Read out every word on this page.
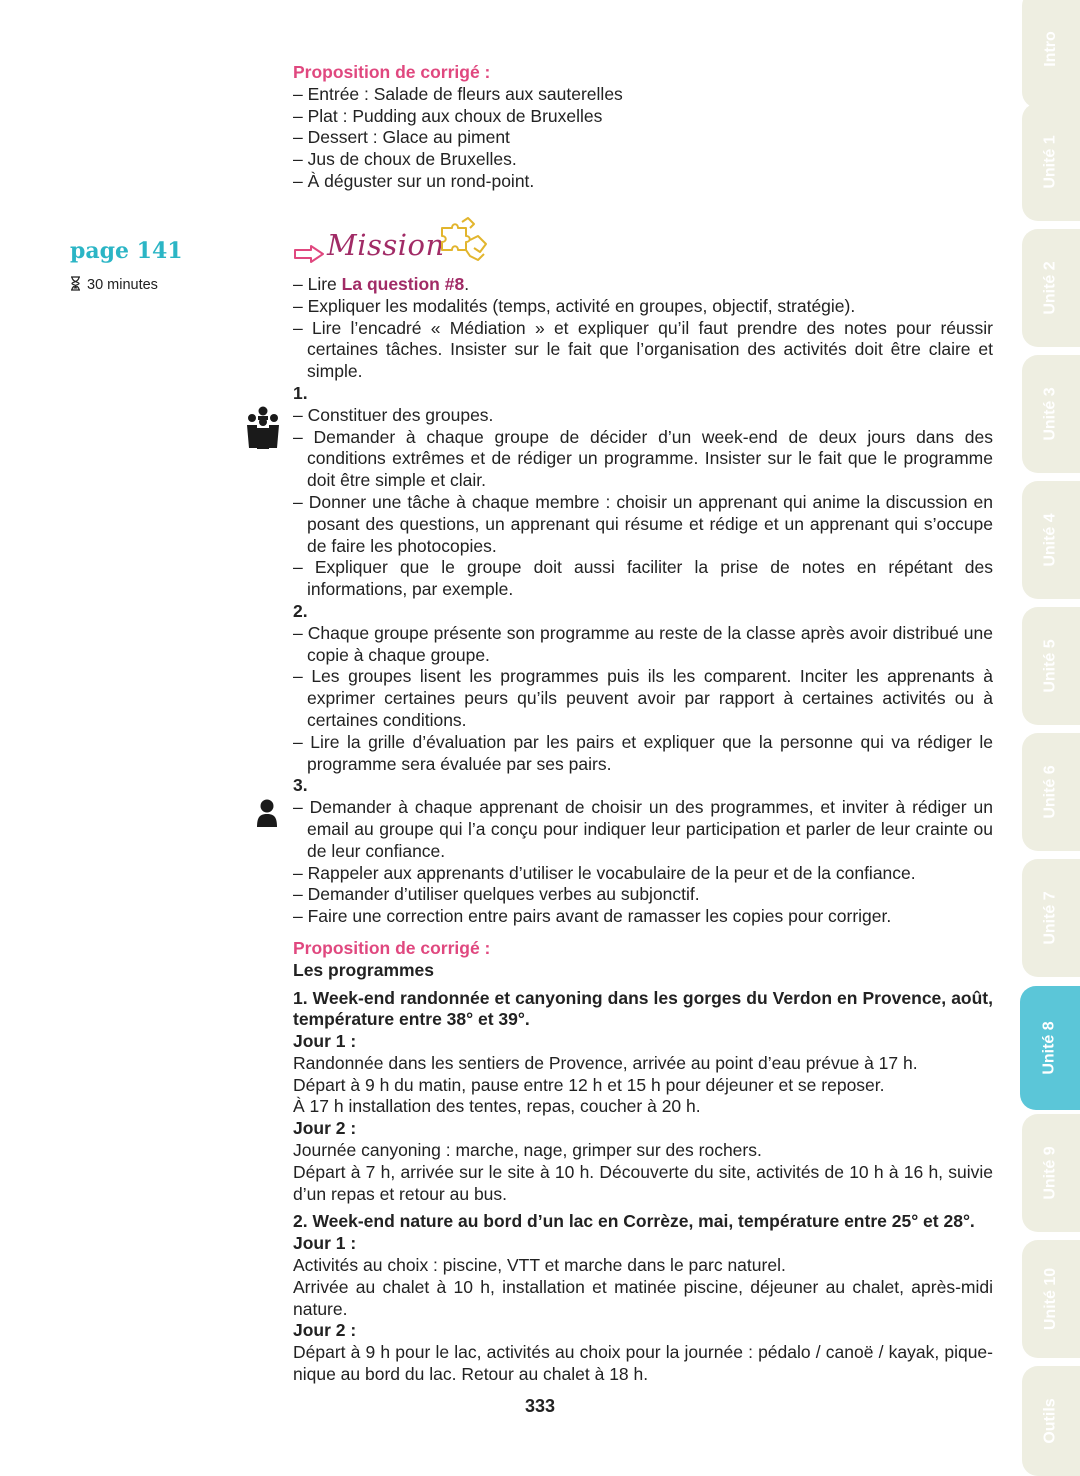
page 141
30 minutes

Proposition de corrigé :

– Entrée : Salade de fleurs aux sauterelles

– Plat : Pudding aux choux de Bruxelles

– Dessert : Glace au piment

– Jus de choux de Bruxelles.

– À déguster sur un rond-point.

Mission

– Lire La question #8.

– Expliquer les modalités (temps, activité en groupes, objectif, stratégie).

– Lire l’encadré « Médiation » et expliquer qu’il faut prendre des notes pour réussir certaines tâches. Insister sur le fait que l’organisation des activités doit être claire et simple.

1.

– Constituer des groupes.

– Demander à chaque groupe de décider d’un week-end de deux jours dans des conditions extrêmes et de rédiger un programme. Insister sur le fait que le programme doit être simple et clair.

– Donner une tâche à chaque membre : choisir un apprenant qui anime la discussion en posant des questions, un apprenant qui résume et rédige et un apprenant qui s’occupe de faire les photocopies.

– Expliquer que le groupe doit aussi faciliter la prise de notes en répétant des informations, par exemple.

2.

– Chaque groupe présente son programme au reste de la classe après avoir distribué une copie à chaque groupe.

– Les groupes lisent les programmes puis ils les comparent. Inciter les apprenants à exprimer certaines peurs qu’ils peuvent avoir par rapport à certaines activités ou à certaines conditions.

– Lire la grille d’évaluation par les pairs et expliquer que la personne qui va rédiger le programme sera évaluée par ses pairs.

3.

– Demander à chaque apprenant de choisir un des programmes, et inviter à rédiger un email au groupe qui l’a conçu pour indiquer leur participation et parler de leur crainte ou de leur confiance.

– Rappeler aux apprenants d’utiliser le vocabulaire de la peur et de la confiance.

– Demander d’utiliser quelques verbes au subjonctif.

– Faire une correction entre pairs avant de ramasser les copies pour corriger.

Proposition de corrigé :

Les programmes

1. Week-end randonnée et canyoning dans les gorges du Verdon en Provence, août, température entre 38° et 39°.

Jour 1 :

Randonnée dans les sentiers de Provence, arrivée au point d’eau prévue à 17 h.

Départ à 9 h du matin, pause entre 12 h et 15 h pour déjeuner et se reposer.

À 17 h installation des tentes, repas, coucher à 20 h.

Jour 2 :

Journée canyoning : marche, nage, grimper sur des rochers.

Départ à 7 h, arrivée sur le site à 10 h. Découverte du site, activités de 10 h à 16 h, suivie d’un repas et retour au bus.

2. Week-end nature au bord d’un lac en Corrèze, mai, température entre 25° et 28°.

Jour 1 :

Activités au choix : piscine, VTT et marche dans le parc naturel.

Arrivée au chalet à 10 h, installation et matinée piscine, déjeuner au chalet, après-midi nature.

Jour 2 :

Départ à 9 h pour le lac, activités au choix pour la journée : pédalo / canoë / kayak, pique-nique au bord du lac. Retour au chalet à 18 h.

333
Intro
Unité 1
Unité 2
Unité 3
Unité 4
Unité 5
Unité 6
Unité 7
Unité 8
Unité 9
Unité 10
Outils
